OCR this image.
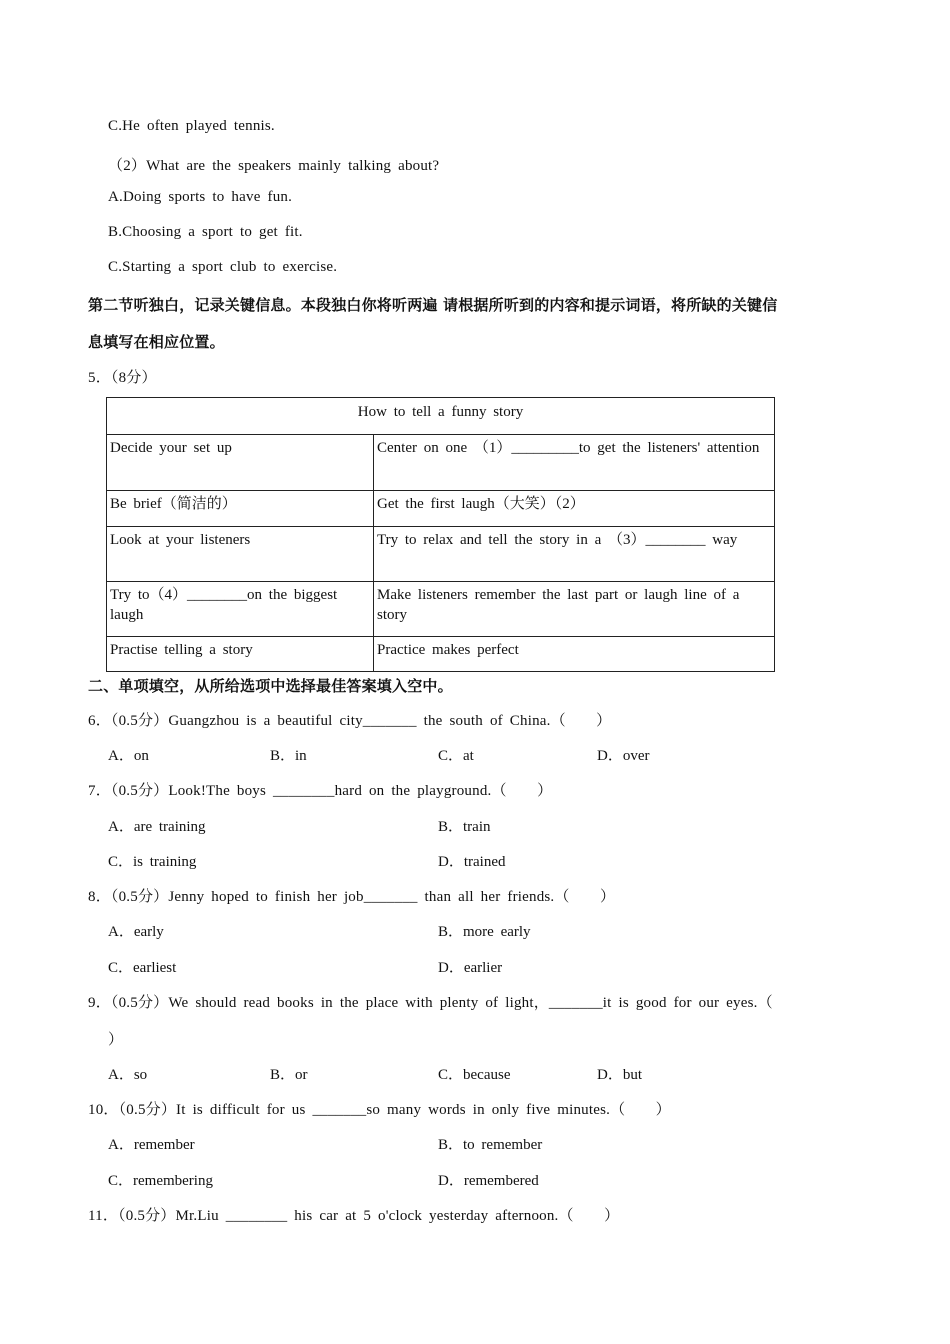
C.He often played tennis.
（2）What are the speakers mainly talking about?
A.Doing sports to have fun.
B.Choosing a sport to get fit.
C.Starting a sport club to exercise.
第二节听独白，记录关键信息。本段独白你将听两遍 请根据所听到的内容和提示词语，将所缺的关键信
息填写在相应位置。
5．（8分）
How to tell a funny story	
Decide your set up	Center on one （1）_________to get the listeners' attention
Be brief（简洁的）	Get the first laugh（大笑）（2）
Look at your listeners	Try to relax and tell the story in a （3）________ way
Try to（4）________on the biggest laugh	Make listeners remember the last part or laugh line of a story
Practise telling a story	Practice makes perfect
二、单项填空，从所给选项中选择最佳答案填入空中。
6．（0.5分）Guangzhou is a beautiful city_______ the south of China.（　　）
A．on	B．in	C．at	D．over
7．（0.5分）Look!The boys ________hard on the playground.（　　）
A．are training	B．train
C．is training	D．trained
8．（0.5分）Jenny hoped to finish her job_______ than all her friends.（　　）
A．early	B．more early
C．earliest	D．earlier
9．（0.5分）We should read books in the place with plenty of light，_______it is good for our eyes.（
）
A．so	B．or	C．because	D．but
10．（0.5分）It is difficult for us _______so many words in only five minutes.（　　）
A．remember	B．to remember
C．remembering	D．remembered
11．（0.5分）Mr.Liu ________ his car at 5 o'clock yesterday afternoon.（　　）
